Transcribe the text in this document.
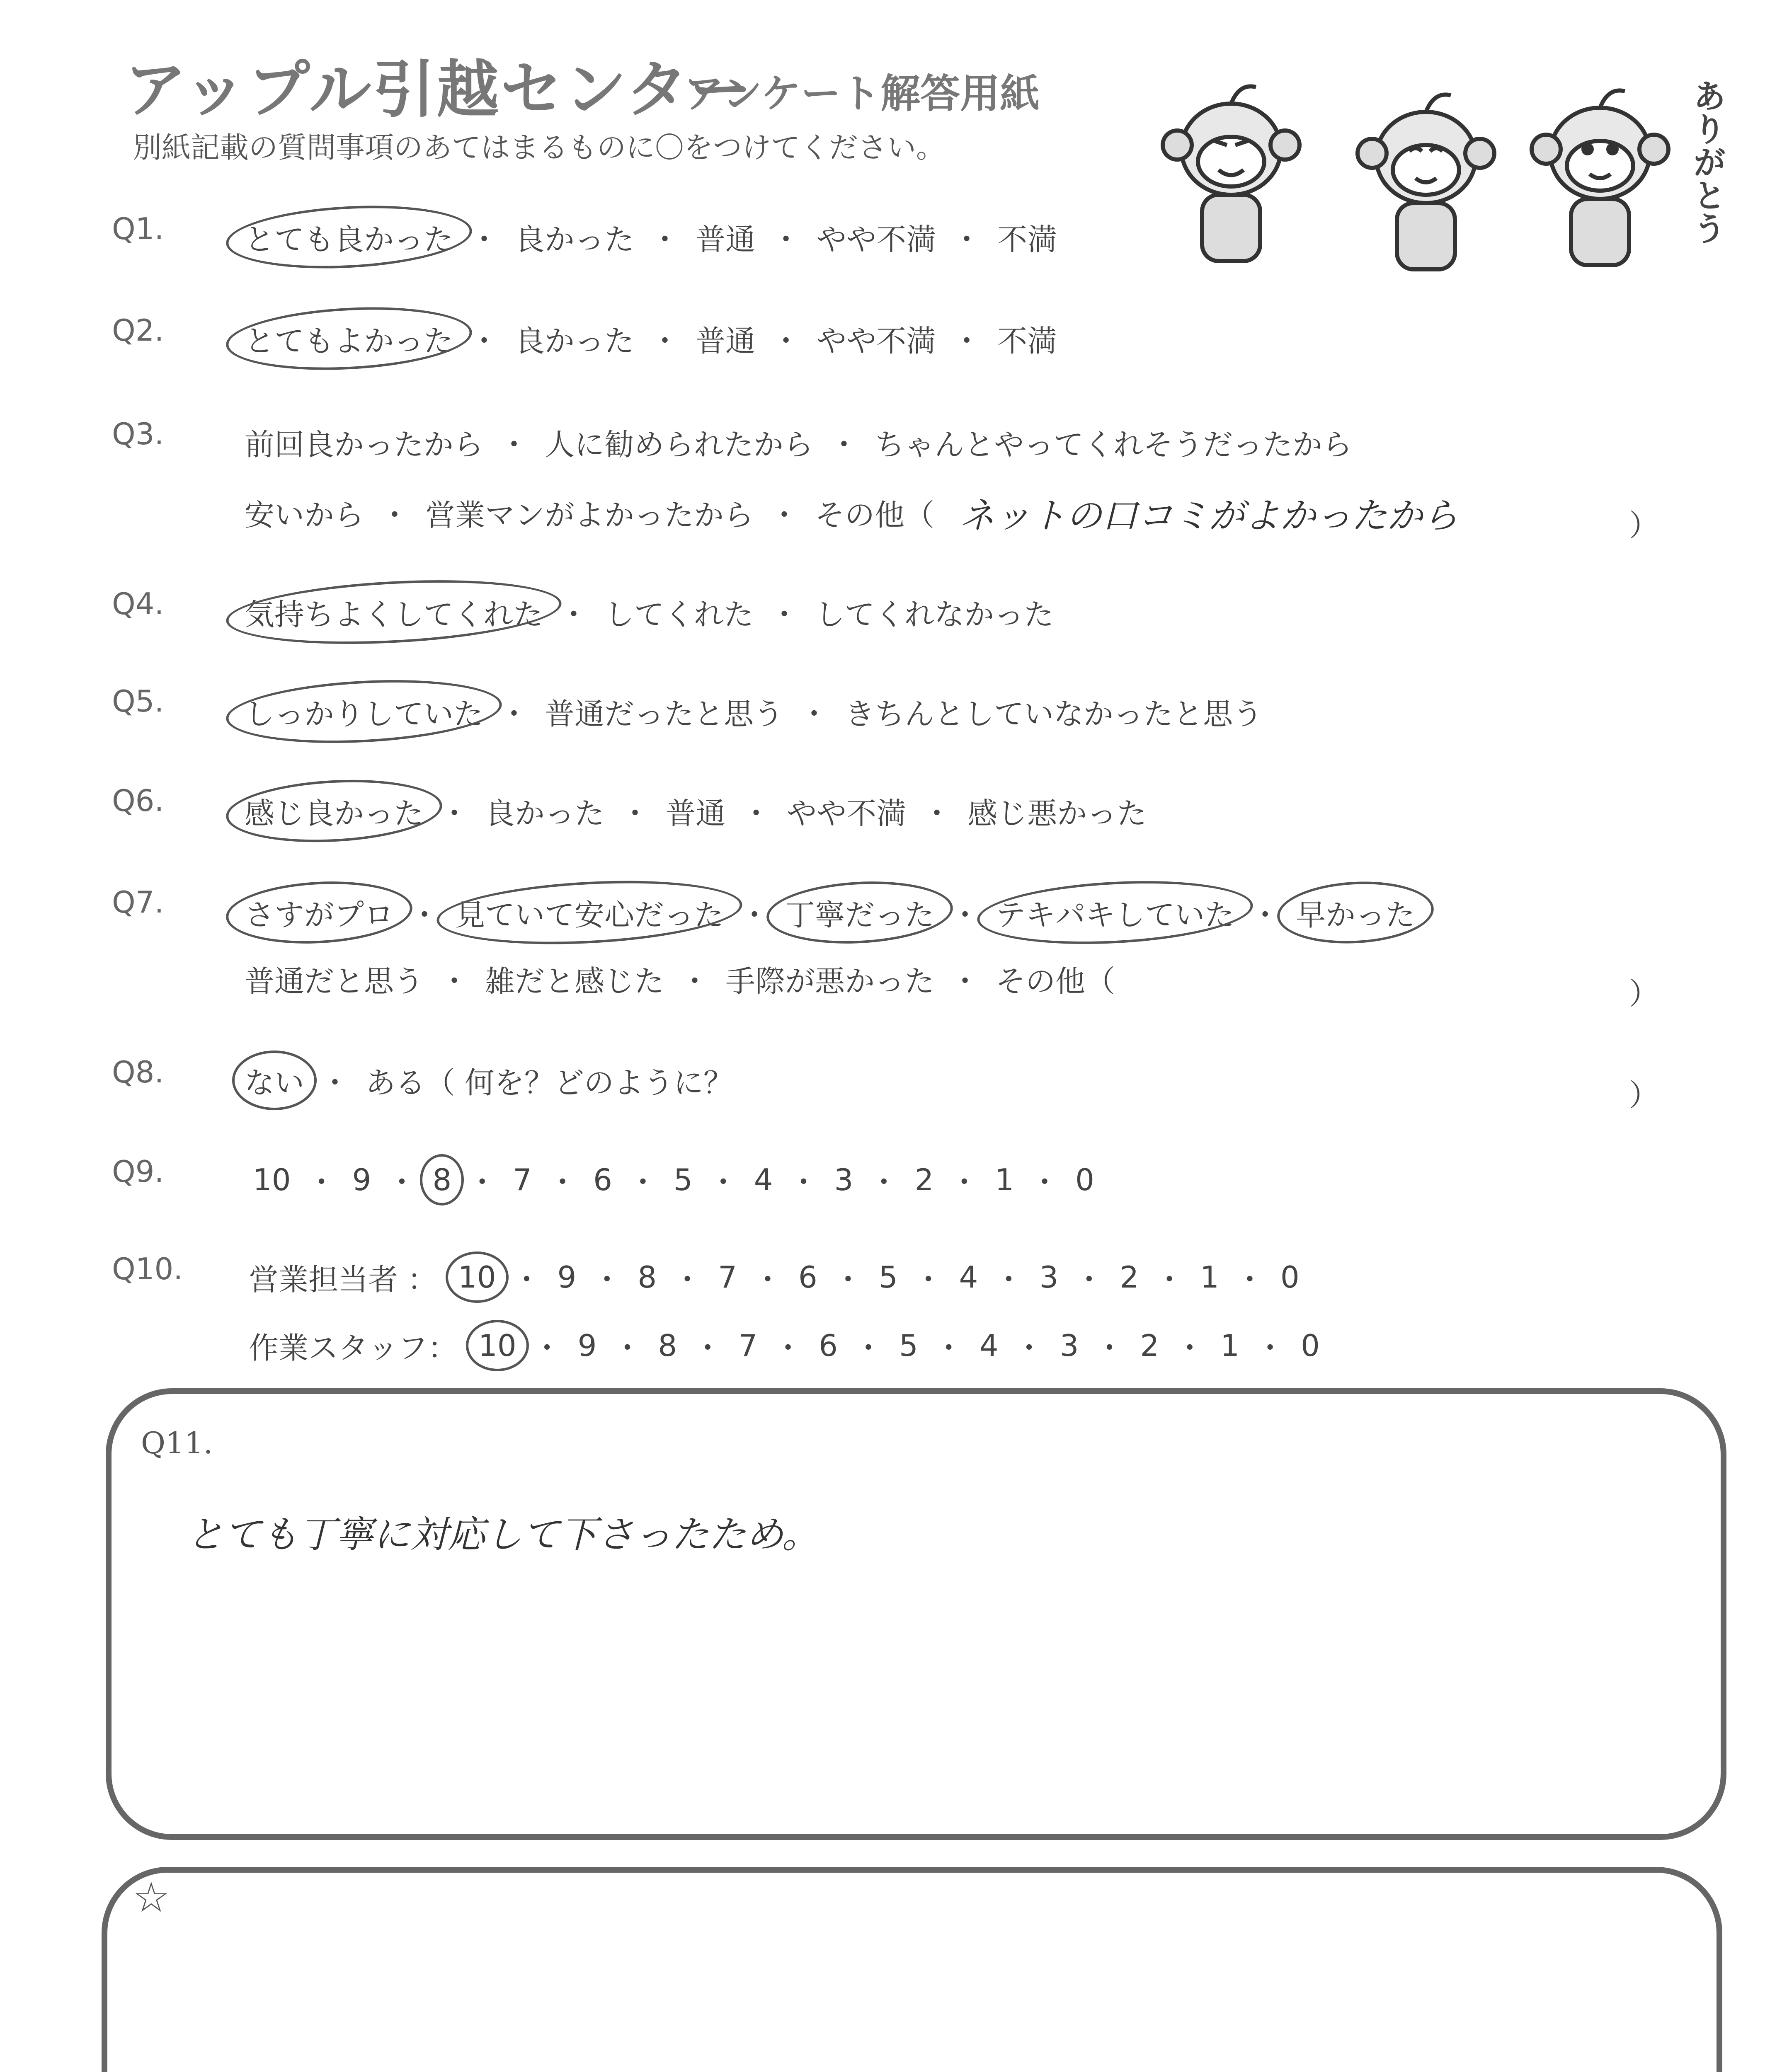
アップル引越センター
アンケート解答用紙
別紙記載の質問事項のあてはまるものに〇をつけてください。	ありがとう
Q1.	とても良かった ・ 良かった ・ 普通 ・ やや不満 ・ 不満
Q2.	とてもよかった ・ 良かった ・ 普通 ・ やや不満 ・ 不満
Q3.	前回良かったから ・ 人に勧められたから ・ ちゃんとやってくれそうだったから
安いから ・ 営業マンがよかったから ・ その他（ ネットの口コミがよかったから	）
Q4.	気持ちよくしてくれた ・ してくれた ・ してくれなかった
Q5.	しっかりしていた ・ 普通だったと思う ・ きちんとしていなかったと思う
Q6.	感じ良かった ・ 良かった ・ 普通 ・ やや不満 ・ 感じ悪かった
Q7.	さすがプロ ・ 見ていて安心だった ・ 丁寧だった ・ テキパキしていた ・ 早かった
普通だと思う ・ 雑だと感じた ・ 手際が悪かった ・ その他（	）
Q8.	ない ・ ある（ 何を？どのように？	）
Q9.	10 ・ 9 ・ 8 ・ 7 ・ 6 ・ 5 ・ 4 ・ 3 ・ 2 ・ 1 ・ 0
Q10. 営業担当者 ： 10 ・ 9 ・ 8 ・ 7 ・ 6 ・ 5 ・ 4 ・ 3 ・ 2 ・ 1 ・ 0
作業スタッフ： 10 ・ 9 ・ 8 ・ 7 ・ 6 ・ 5 ・ 4 ・ 3 ・ 2 ・ 1 ・ 0
Q11.
とても丁寧に対応して下さったため。
☆
